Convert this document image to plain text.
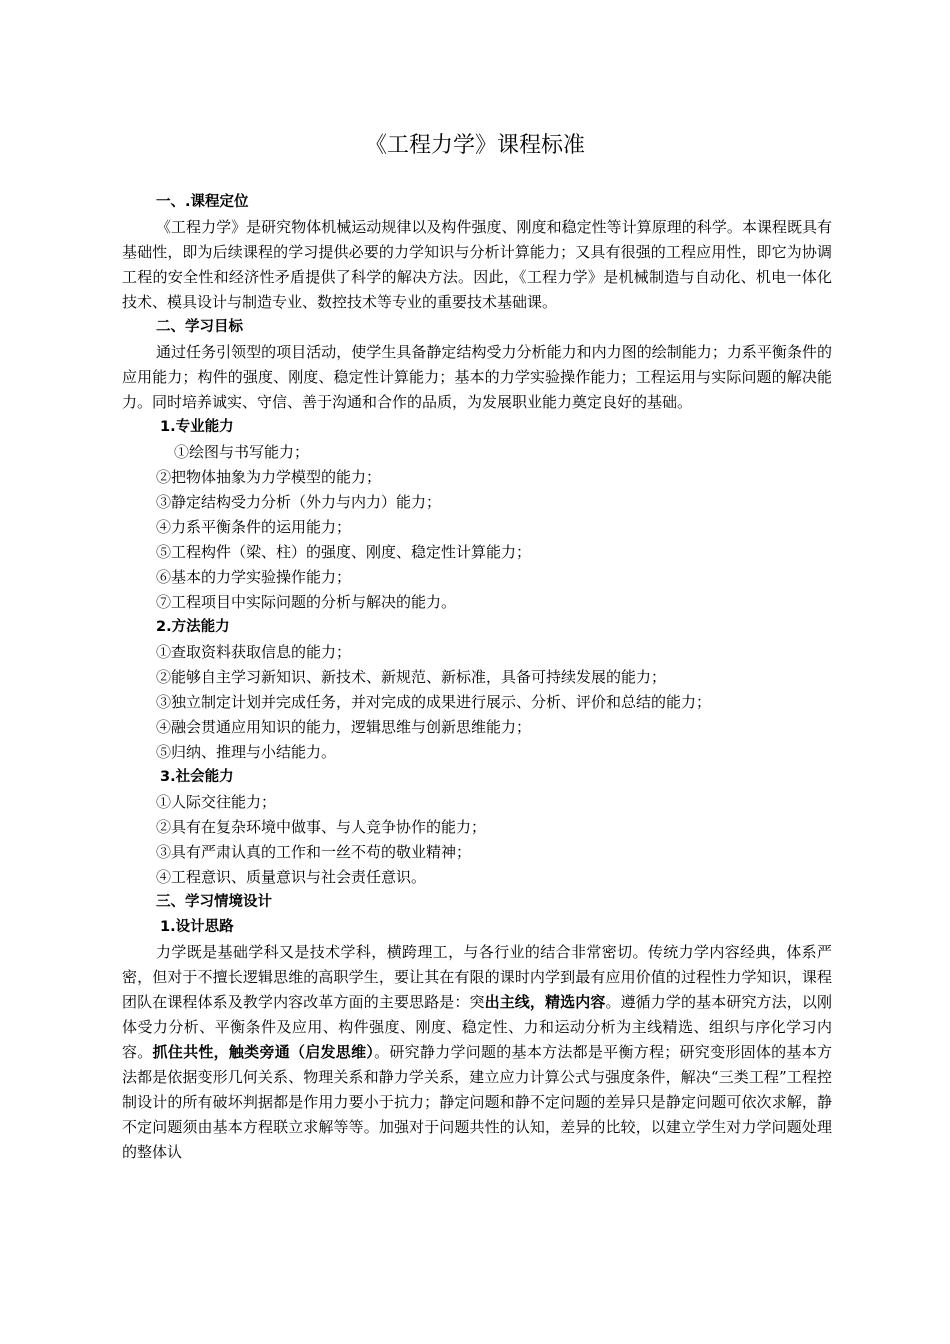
《工程力学》课程标准

一、.课程定位

《工程力学》是研究物体机械运动规律以及构件强度、刚度和稳定性等计算原理的科学。本课程既具有基础性，即为后续课程的学习提供必要的力学知识与分析计算能力；又具有很强的工程应用性，即它为协调工程的安全性和经济性矛盾提供了科学的解决方法。因此，《工程力学》是机械制造与自动化、机电一体化技术、模具设计与制造专业、数控技术等专业的重要技术基础课。

二、学习目标

通过任务引领型的项目活动，使学生具备静定结构受力分析能力和内力图的绘制能力；力系平衡条件的应用能力；构件的强度、刚度、稳定性计算能力；基本的力学实验操作能力；工程运用与实际问题的解决能力。同时培养诚实、守信、善于沟通和合作的品质，为发展职业能力奠定良好的基础。

1.专业能力

①绘图与书写能力；

②把物体抽象为力学模型的能力；

③静定结构受力分析（外力与内力）能力；

④力系平衡条件的运用能力；

⑤工程构件（梁、柱）的强度、刚度、稳定性计算能力；

⑥基本的力学实验操作能力；

⑦工程项目中实际问题的分析与解决的能力。

2.方法能力

①查取资料获取信息的能力；

②能够自主学习新知识、新技术、新规范、新标准，具备可持续发展的能力；

③独立制定计划并完成任务，并对完成的成果进行展示、分析、评价和总结的能力；

④融会贯通应用知识的能力，逻辑思维与创新思维能力；

⑤归纳、推理与小结能力。

3.社会能力

①人际交往能力；

②具有在复杂环境中做事、与人竞争协作的能力；

③具有严肃认真的工作和一丝不苟的敬业精神；

④工程意识、质量意识与社会责任意识。

三、学习情境设计

1.设计思路

力学既是基础学科又是技术学科，横跨理工，与各行业的结合非常密切。传统力学内容经典，体系严密，但对于不擅长逻辑思维的高职学生，要让其在有限的课时内学到最有应用价值的过程性力学知识，课程团队在课程体系及教学内容改革方面的主要思路是：突出主线，精选内容。遵循力学的基本研究方法，以刚体受力分析、平衡条件及应用、构件强度、刚度、稳定性、力和运动分析为主线精选、组织与序化学习内容。抓住共性，触类旁通（启发思维）。研究静力学问题的基本方法都是平衡方程；研究变形固体的基本方法都是依据变形几何关系、物理关系和静力学关系，建立应力计算公式与强度条件，解决“三类工程”工程控制设计的所有破坏判据都是作用力要小于抗力；静定问题和静不定问题的差异只是静定问题可依次求解，静不定问题须由基本方程联立求解等等。加强对于问题共性的认知，差异的比较，以建立学生对力学问题处理的整体认
